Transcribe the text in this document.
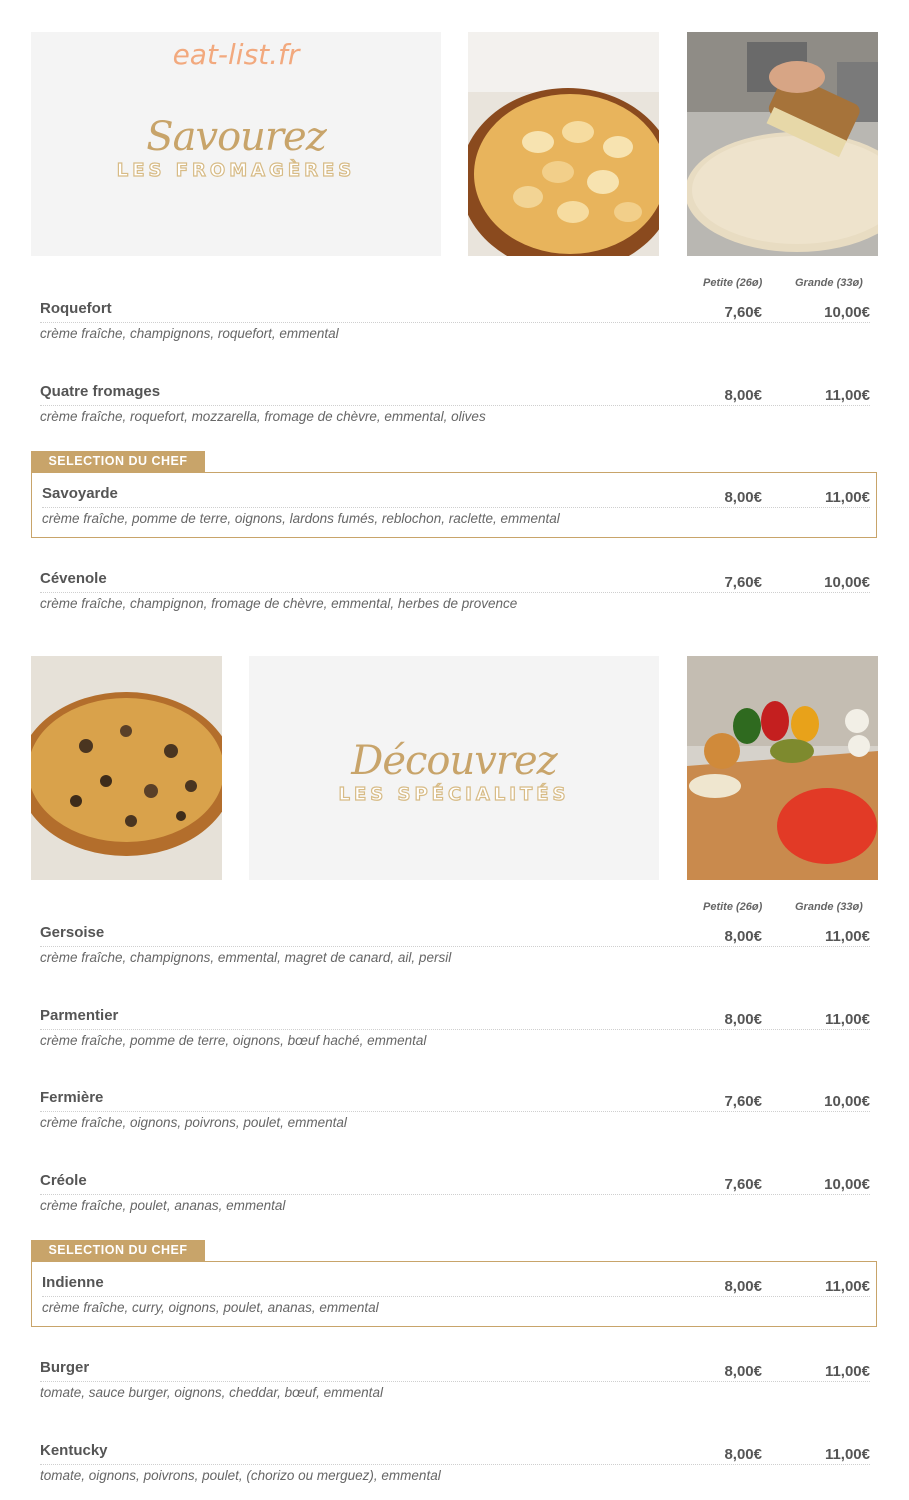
eat-list.fr
Savourez
LES FROMAGÈRES
Petite (26ø)	Grande (33ø)
Roquefort
crème fraîche, champignons, roquefort, emmental
7,60€	10,00€
Quatre fromages
crème fraîche, roquefort, mozzarella, fromage de chèvre, emmental, olives
8,00€	11,00€
SELECTION DU CHEF
Savoyarde
crème fraîche, pomme de terre, oignons, lardons fumés, reblochon, raclette, emmental
8,00€	11,00€
Cévenole
crème fraîche, champignon, fromage de chèvre, emmental, herbes de provence
7,60€	10,00€
Découvrez
LES SPÉCIALITÉS
Petite (26ø)	Grande (33ø)
Gersoise
crème fraîche, champignons, emmental, magret de canard, ail, persil
8,00€	11,00€
Parmentier
crème fraîche, pomme de terre, oignons, bœuf haché, emmental
8,00€	11,00€
Fermière
crème fraîche, oignons, poivrons, poulet, emmental
7,60€	10,00€
Créole
crème fraîche, poulet, ananas, emmental
7,60€	10,00€
SELECTION DU CHEF
Indienne
crème fraîche, curry, oignons, poulet, ananas, emmental
8,00€	11,00€
Burger
tomate, sauce burger, oignons, cheddar, bœuf, emmental
8,00€	11,00€
Kentucky
tomate, oignons, poivrons, poulet, (chorizo ou merguez), emmental
8,00€	11,00€
